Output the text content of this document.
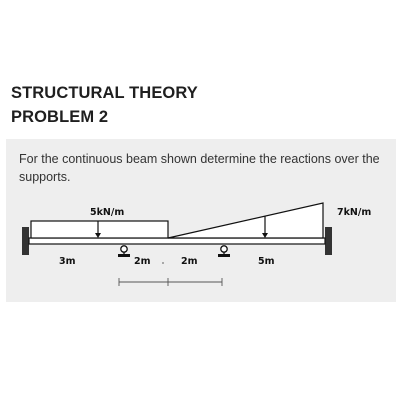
STRUCTURAL THEORY
PROBLEM 2
For the continuous beam shown determine the reactions over the supports.
5kN/m	7kN/m
3m	2m	2m	5m
